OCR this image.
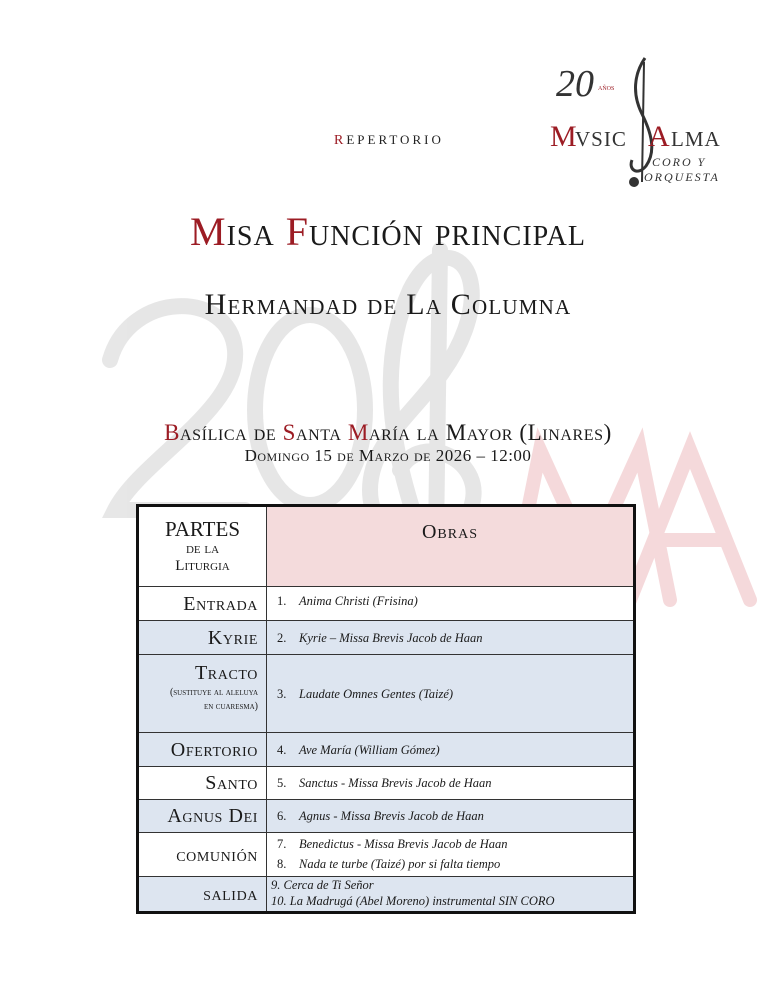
20 AÑOS
M
VSIC A LMA
CORO Y
ORQUESTA
REPERTORIO
Misa Función principal
Hermandad de La Columna
Basílica de Santa María la Mayor (Linares)
Domingo 15 de Marzo de 2026 – 12:00
PARTES
de la
Liturgia
Obras
Entrada 1. Anima Christi (Frisina)
Kyrie 2. Kyrie – Missa Brevis Jacob de Haan
Tracto
(sustituye al aleluya en cuaresma)
3. Laudate Omnes Gentes (Taizé)
Ofertorio 4. Ave María (William Gómez)
Santo 5. Sanctus - Missa Brevis Jacob de Haan
Agnus Dei 6. Agnus - Missa Brevis Jacob de Haan
comunión 7. Benedictus - Missa Brevis Jacob de Haan
8. Nada te turbe (Taizé) por si falta tiempo
salida 9. Cerca de Ti Señor
10. La Madrugá (Abel Moreno) instrumental SIN CORO
